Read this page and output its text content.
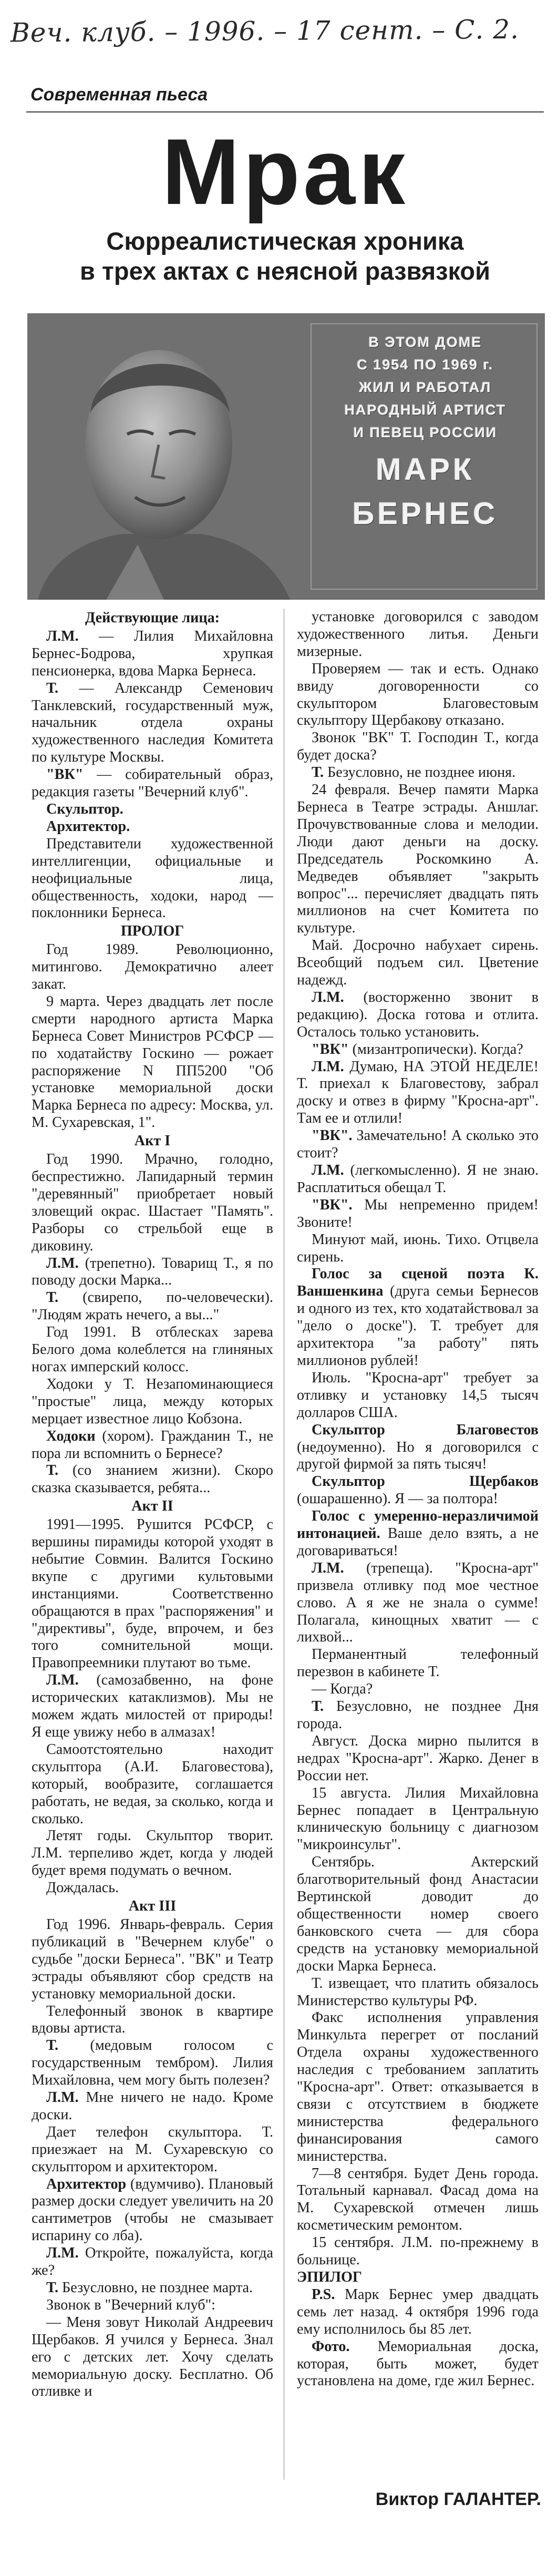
Веч. клуб. – 1996. – 17 сент. – С. 2.
Современная пьеса
Мрак
Сюрреалистическая хроника
в трех актах с неясной развязкой
В ЭТОМ ДОМЕ
С 1954 ПО 1969 г.
ЖИЛ И РАБОТАЛ
НАРОДНЫЙ АРТИСТ
И ПЕВЕЦ РОССИИ
МАРК
БЕРНЕС

Действующие лица:

Л.М. — Лилия Михайловна Бернес-Бодрова, хрупкая пенсионерка, вдова Марка Бернеса.

Т. — Александр Семенович Танклевский, государственный муж, начальник отдела охраны художественного наследия Комитета по культуре Москвы.

"ВК" — собирательный образ, редакция газеты "Вечерний клуб".

Скульптор.

Архитектор.

Представители художественной интеллигенции, официальные и неофициальные лица, общественность, ходоки, народ — поклонники Бернеса.

ПРОЛОГ

Год 1989. Революционно, митингово. Демократично алеет закат.

9 марта. Через двадцать лет после смерти народного артиста Марка Бернеса Совет Министров РСФСР — по ходатайству Госкино — рожает распоряжение N ПП5200 "Об установке мемориальной доски Марка Бернеса по адресу: Москва, ул. М. Сухаревская, 1".

Акт I

Год 1990. Мрачно, голодно, беспрестижно. Лапидарный термин "деревянный" приобретает новый зловещий окрас. Шастает "Память". Разборы со стрельбой еще в диковину.

Л.М. (трепетно). Товарищ Т., я по поводу доски Марка...

Т. (свирепо, по-человечески). "Людям жрать нечего, а вы..."

Год 1991. В отблесках зарева Белого дома колеблется на глиняных ногах имперский колосс.

Ходоки у Т. Незапоминающиеся "простые" лица, между которых мерцает известное лицо Кобзона.

Ходоки (хором). Гражданин Т., не пора ли вспомнить о Бернесе?

Т. (со знанием жизни). Скоро сказка сказывается, ребята...

Акт II

1991—1995. Рушится РСФСР, с вершины пирамиды которой уходят в небытие Совмин. Валится Госкино вкупе с другими культовыми инстанциями. Соответственно обращаются в прах "распоряжения" и "директивы", буде, впрочем, и без того сомнительной мощи. Правопреемники плутают во тьме.

Л.М. (самозабвенно, на фоне исторических катаклизмов). Мы не можем ждать милостей от природы! Я еще увижу небо в алмазах!

Самоотстоятельно находит скульптора (А.И. Благовестова), который, вообразите, соглашается работать, не ведая, за сколько, когда и сколько.

Летят годы. Скульптор творит. Л.М. терпеливо ждет, когда у людей будет время подумать о вечном.

Дождалась.

Акт III

Год 1996. Январь-февраль. Серия публикаций в "Вечернем клубе" о судьбе "доски Бернеса". "ВК" и Театр эстрады объявляют сбор средств на установку мемориальной доски.

Телефонный звонок в квартире вдовы артиста.

Т. (медовым голосом с государственным тембром). Лилия Михайловна, чем могу быть полезен?

Л.М. Мне ничего не надо. Кроме доски.

Дает телефон скульптора. Т. приезжает на М. Сухаревскую со скульптором и архитектором.

Архитектор (вдумчиво). Плановый размер доски следует увеличить на 20 сантиметров (чтобы не смазывает испарину со лба).

Л.М. Откройте, пожалуйста, когда же?

Т. Безусловно, не позднее марта.

Звонок в "Вечерний клуб":

— Меня зовут Николай Андреевич Щербаков. Я учился у Бернеса. Знал его с детских лет. Хочу сделать мемориальную доску. Бесплатно. Об отливке и

установке договорился с заводом художественного литья. Деньги мизерные.

Проверяем — так и есть. Однако ввиду договоренности со скульптором Благовестовым скульптору Щербакову отказано.

Звонок "ВК" Т. Господин Т., когда будет доска?

Т. Безусловно, не позднее июня.

24 февраля. Вечер памяти Марка Бернеса в Театре эстрады. Аншлаг. Прочувствованные слова и мелодии. Люди дают деньги на доску. Председатель Роскомкино А. Медведев объявляет "закрыть вопрос"... перечисляет двадцать пять миллионов на счет Комитета по культуре.

Май. Досрочно набухает сирень. Всеобщий подъем сил. Цветение надежд.

Л.М. (восторженно звонит в редакцию). Доска готова и отлита. Осталось только установить.

"ВК" (мизантропически). Когда?

Л.М. Думаю, НА ЭТОЙ НЕДЕЛЕ! Т. приехал к Благовестову, забрал доску и отвез в фирму "Кросна-арт". Там ее и отлили!

"ВК". Замечательно! А сколько это стоит?

Л.М. (легкомысленно). Я не знаю. Расплатиться обещал Т.

"ВК". Мы непременно придем! Звоните!

Минуют май, июнь. Тихо. Отцвела сирень.

Голос за сценой поэта К. Ваншенкина (друга семьи Бернесов и одного из тех, кто ходатайствовал за "дело о доске"). Т. требует для архитектора "за работу" пять миллионов рублей!

Июль. "Кросна-арт" требует за отливку и установку 14,5 тысяч долларов США.

Скульптор Благовестов (недоуменно). Но я договорился с другой фирмой за пять тысяч!

Скульптор Щербаков (ошарашенно). Я — за полтора!

Голос с умеренно-неразличимой интонацией. Ваше дело взять, а не договариваться!

Л.М. (трепеща). "Кросна-арт" призвела отливку под мое честное слово. А я же не знала о сумме! Полагала, кинощных хватит — с лихвой...

Перманентный телефонный перезвон в кабинете Т.

— Когда?

Т. Безусловно, не позднее Дня города.

Август. Доска мирно пылится в недрах "Кросна-арт". Жарко. Денег в России нет.

15 августа. Лилия Михайловна Бернес попадает в Центральную клиническую больницу с диагнозом "микроинсульт".

Сентябрь. Актерский благотворительный фонд Анастасии Вертинской доводит до общественности номер своего банковского счета — для сбора средств на установку мемориальной доски Марка Бернеса.

Т. извещает, что платить обязалось Министерство культуры РФ.

Факс исполнения управления Минкульта перегрет от посланий Отдела охраны художественного наследия с требованием заплатить "Кросна-арт". Ответ: отказывается в связи с отсутствием в бюджете министерства федерального финансирования самого министерства.

7—8 сентября. Будет День города. Тотальный карнавал. Фасад дома на М. Сухаревской отмечен лишь косметическим ремонтом.

15 сентября. Л.М. по-прежнему в больнице.

ЭПИЛОГ

P.S. Марк Бернес умер двадцать семь лет назад. 4 октября 1996 года ему исполнилось бы 85 лет.

Фото. Мемориальная доска, которая, быть может, будет установлена на доме, где жил Бернес.

Виктор ГАЛАНТЕР.
